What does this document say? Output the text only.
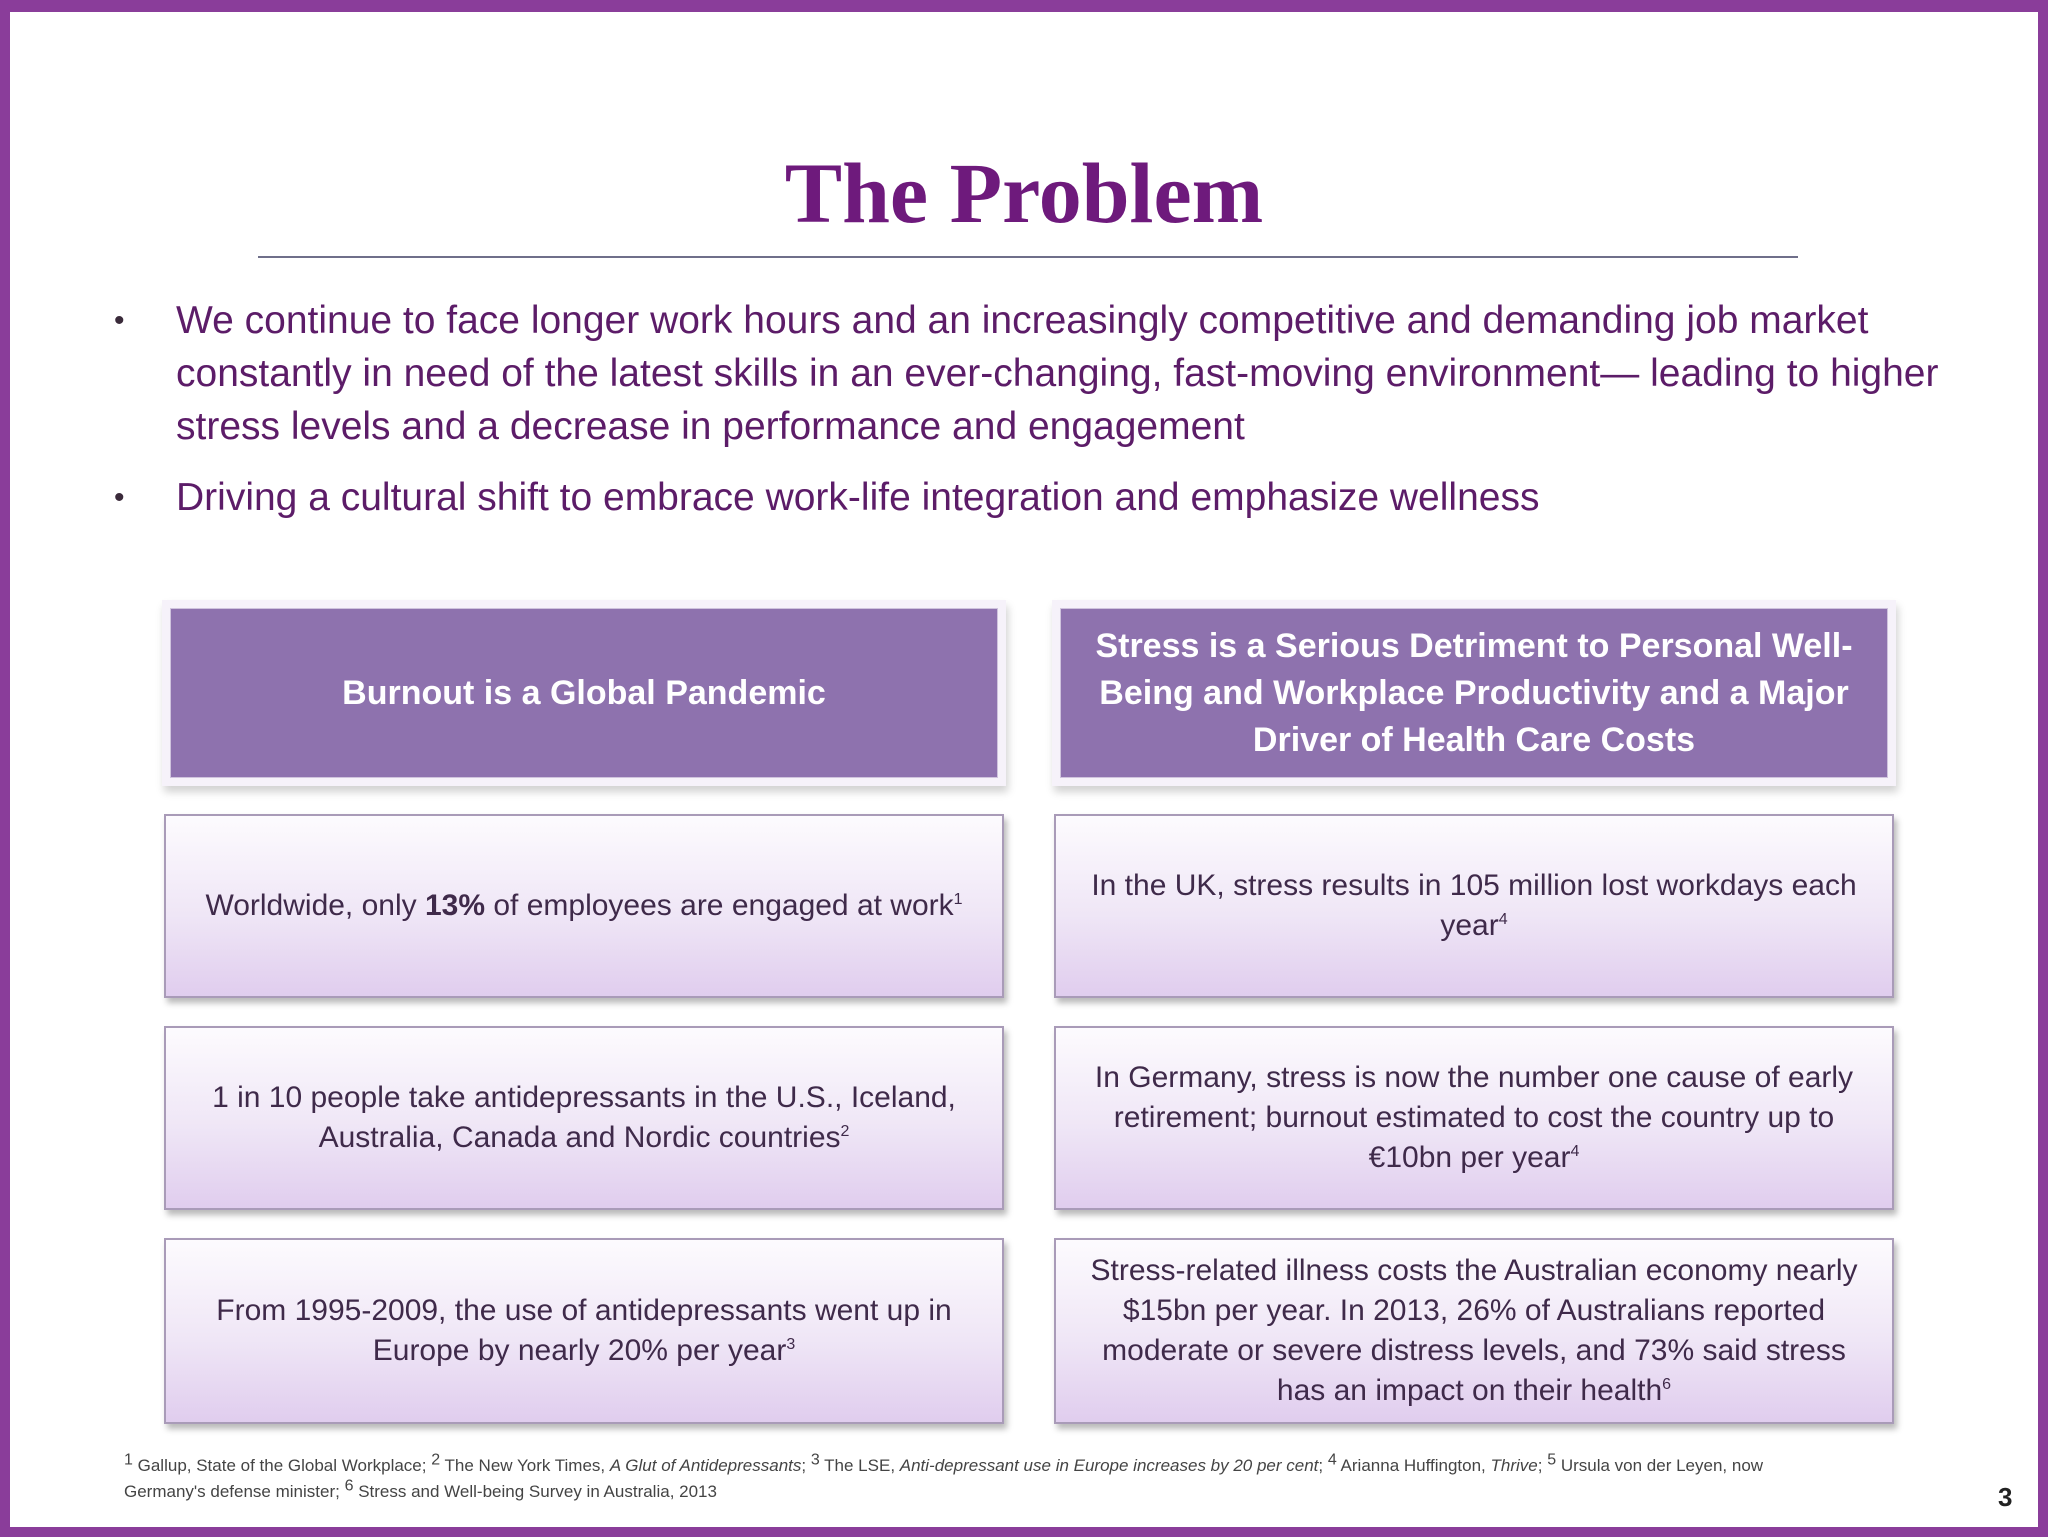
The Problem
• We continue to face longer work hours and an increasingly competitive and demanding job market constantly in need of the latest skills in an ever-changing, fast-moving environment— leading to higher stress levels and a decrease in performance and engagement
• Driving a cultural shift to embrace work-life integration and emphasize wellness
Burnout is a Global Pandemic
Stress is a Serious Detriment to Personal Well-Being and Workplace Productivity and a Major Driver of Health Care Costs
Worldwide, only 13% of employees are engaged at work$^1$
1 in 10 people take antidepressants in the U.S., Iceland, Australia, Canada and Nordic countries$^2$
From 1995-2009, the use of antidepressants went up in Europe by nearly 20% per year$^3$
In the UK, stress results in 105 million lost workdays each year$^4$
In Germany, stress is now the number one cause of early retirement; burnout estimated to cost the country up to €10bn per year$^4$
Stress-related illness costs the Australian economy nearly $15bn per year. In 2013, 26% of Australians reported moderate or severe distress levels, and 73% said stress has an impact on their health$^6$
$^1$ Gallup, State of the Global Workplace; $^2$ The New York Times, A Glut of Antidepressants; $^3$ The LSE, Anti-depressant use in Europe increases by 20 per cent; $^4$ Arianna Huffington, Thrive; $^5$ Ursula von der Leyen, now Germany's defense minister; $^6$ Stress and Well-being Survey in Australia, 2013	3
